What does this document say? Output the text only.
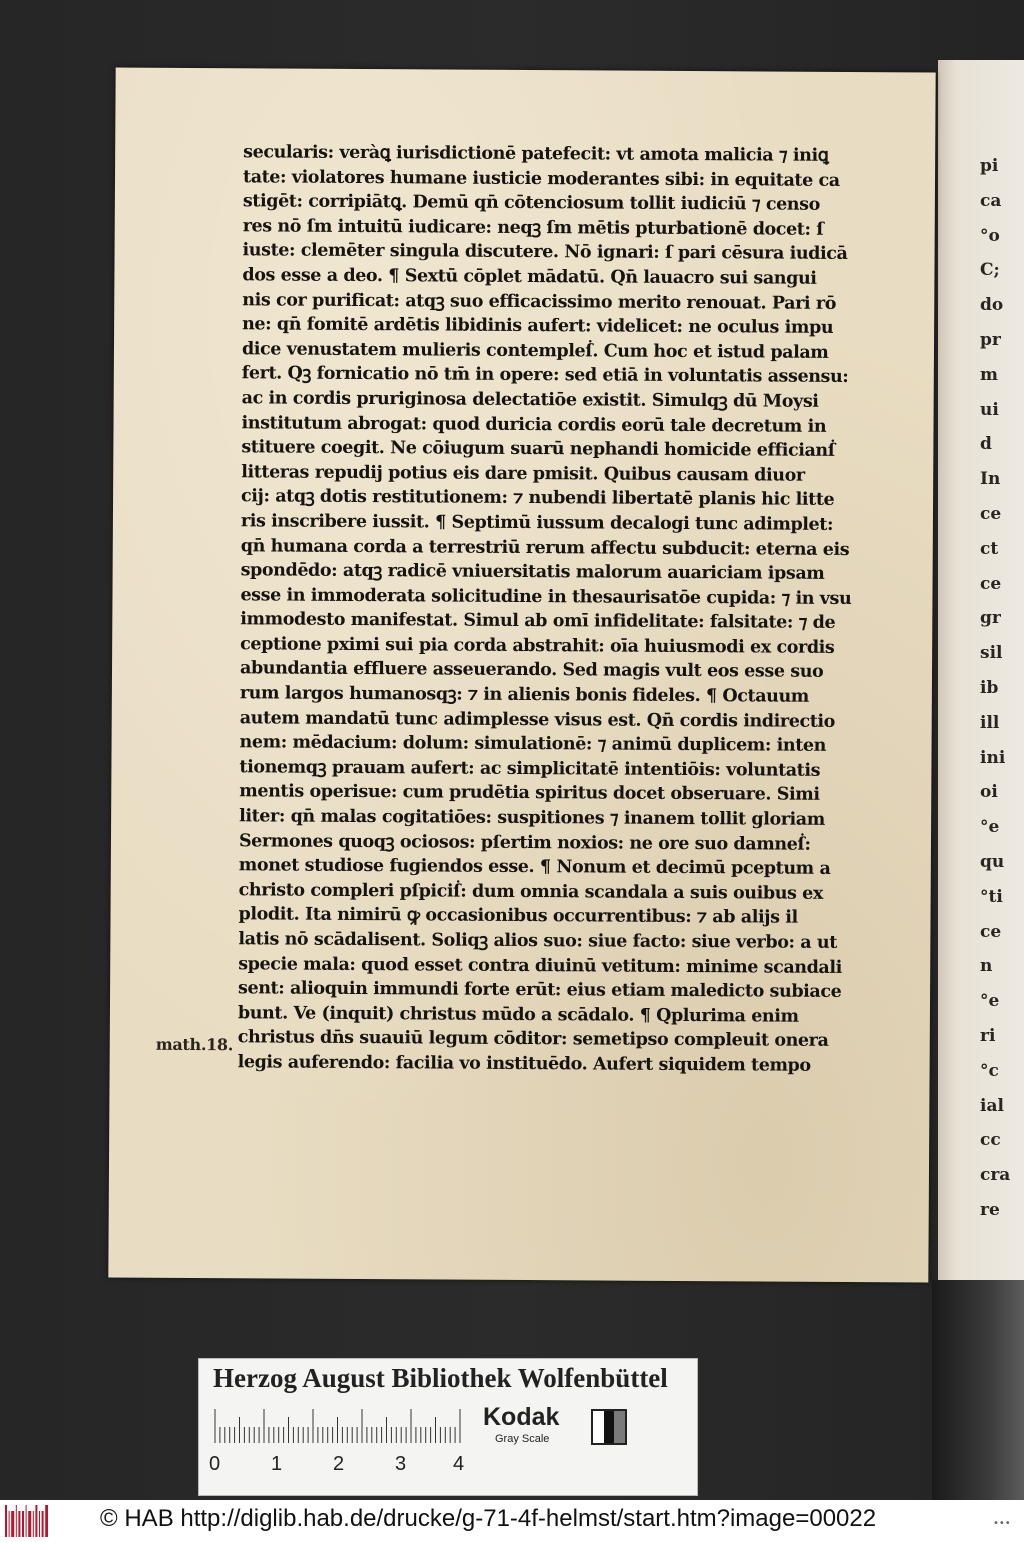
pi
ca
°o
C;
do
pr
m
ui
d
In
ce
ct
ce
gr
sil
ib
ill
ini
oi
°e
qu
°ti
ce
n
°e
ri
°c
ial
cc
cra
re
secularis: veràꝗ iurisdictionē patefecit: vt amota malicia ⁊ iniꝗ
tate: violatores humane iusticie moderantes sibi: in equitate ca
stigēt: corripiātꝗ. Demū qn̄ cōtenciosum tollit iudiciū ⁊ censo
res nō ſm intuitū iudicare: neqꝫ ſm mētis pturbationē docet: ſ
iuste: clemēter singula discutere. Nō ignari: ſ pari cēsura iudicā
dos esse a deo. ¶ Sextū cōplet mādatū. Qn̄ lauacro sui sangui
nis cor purificat: atqꝫ suo efficacissimo merito renouat. Pari rō
ne: qn̄ fomitē ardētis libidinis aufert: videlicet: ne oculus impu
dice venustatem mulieris contempleẛ. Cum hoc et istud palam
fert. Qꝫ fornicatio nō tm̄ in opere: sed etiā in voluntatis assensu:
ac in cordis pruriginosa delectatiōe existit. Simulqꝫ dū Moysi
institutum abrogat: quod duricia cordis eorū tale decretum in
stituere coegit. Ne cōiugum suarū nephandi homicide efficianẛ
litteras repudij potius eis dare pmisit. Quibus causam diuor
cij: atqꝫ dotis restitutionem: ⁊ nubendi libertatē planis hic litte
ris inscribere iussit. ¶ Septimū iussum decalogi tunc adimplet:
qn̄ humana corda a terrestriū rerum affectu subducit: eterna eis
spondēdo: atqꝫ radicē vniuersitatis malorum auariciam ipsam
esse in immoderata solicitudine in thesaurisatōe cupida: ⁊ in vsu
immodesto manifestat. Simul ab omī infidelitate: falsitate: ⁊ de
ceptione pximi sui pia corda abstrahit: oīa huiusmodi ex cordis
abundantia effluere asseuerando. Sed magis vult eos esse suo
rum largos humanosqꝫ: ⁊ in alienis bonis fideles. ¶ Octauum
autem mandatū tunc adimplesse visus est. Qn̄ cordis indirectio
nem: mēdacium: dolum: simulationē: ⁊ animū duplicem: inten
tionemqꝫ prauam aufert: ac simplicitatē intentiōis: voluntatis
mentis operisue: cum prudētia spiritus docet obseruare. Simi
liter: qn̄ malas cogitatiōes: suspitiones ⁊ inanem tollit gloriam
Sermones quoqꝫ ociosos: pſertim noxios: ne ore suo damneẛ:
monet studiose fugiendos esse. ¶ Nonum et decimū pceptum a
christo compleri pſpiciẛ: dum omnia scandala a suis ouibus ex
plodit. Ita nimirū ꝙ occasionibus occurrentibus: ⁊ ab alijs il
latis nō scādalisent. Soliqꝫ alios suo: siue facto: siue verbo: a ut
specie mala: quod esset contra diuinū vetitum: minime scandali
sent: alioquin immundi forte erūt: eius etiam maledicto subiace
bunt. Ve (inquit) christus mūdo a scādalo. ¶ Qplurima enim
christus dn̄s suauiū legum cōditor: semetipso compleuit onera
legis auferendo: facilia vo instituēdo. Aufert siquidem tempo
math.18.
Herzog August Bibliothek Wolfenbüttel
0	1	2	3 4
Kodak
Gray Scale
© HAB http://diglib.hab.de/drucke/g-71-4f-helmst/start.htm?image=00022	•••
